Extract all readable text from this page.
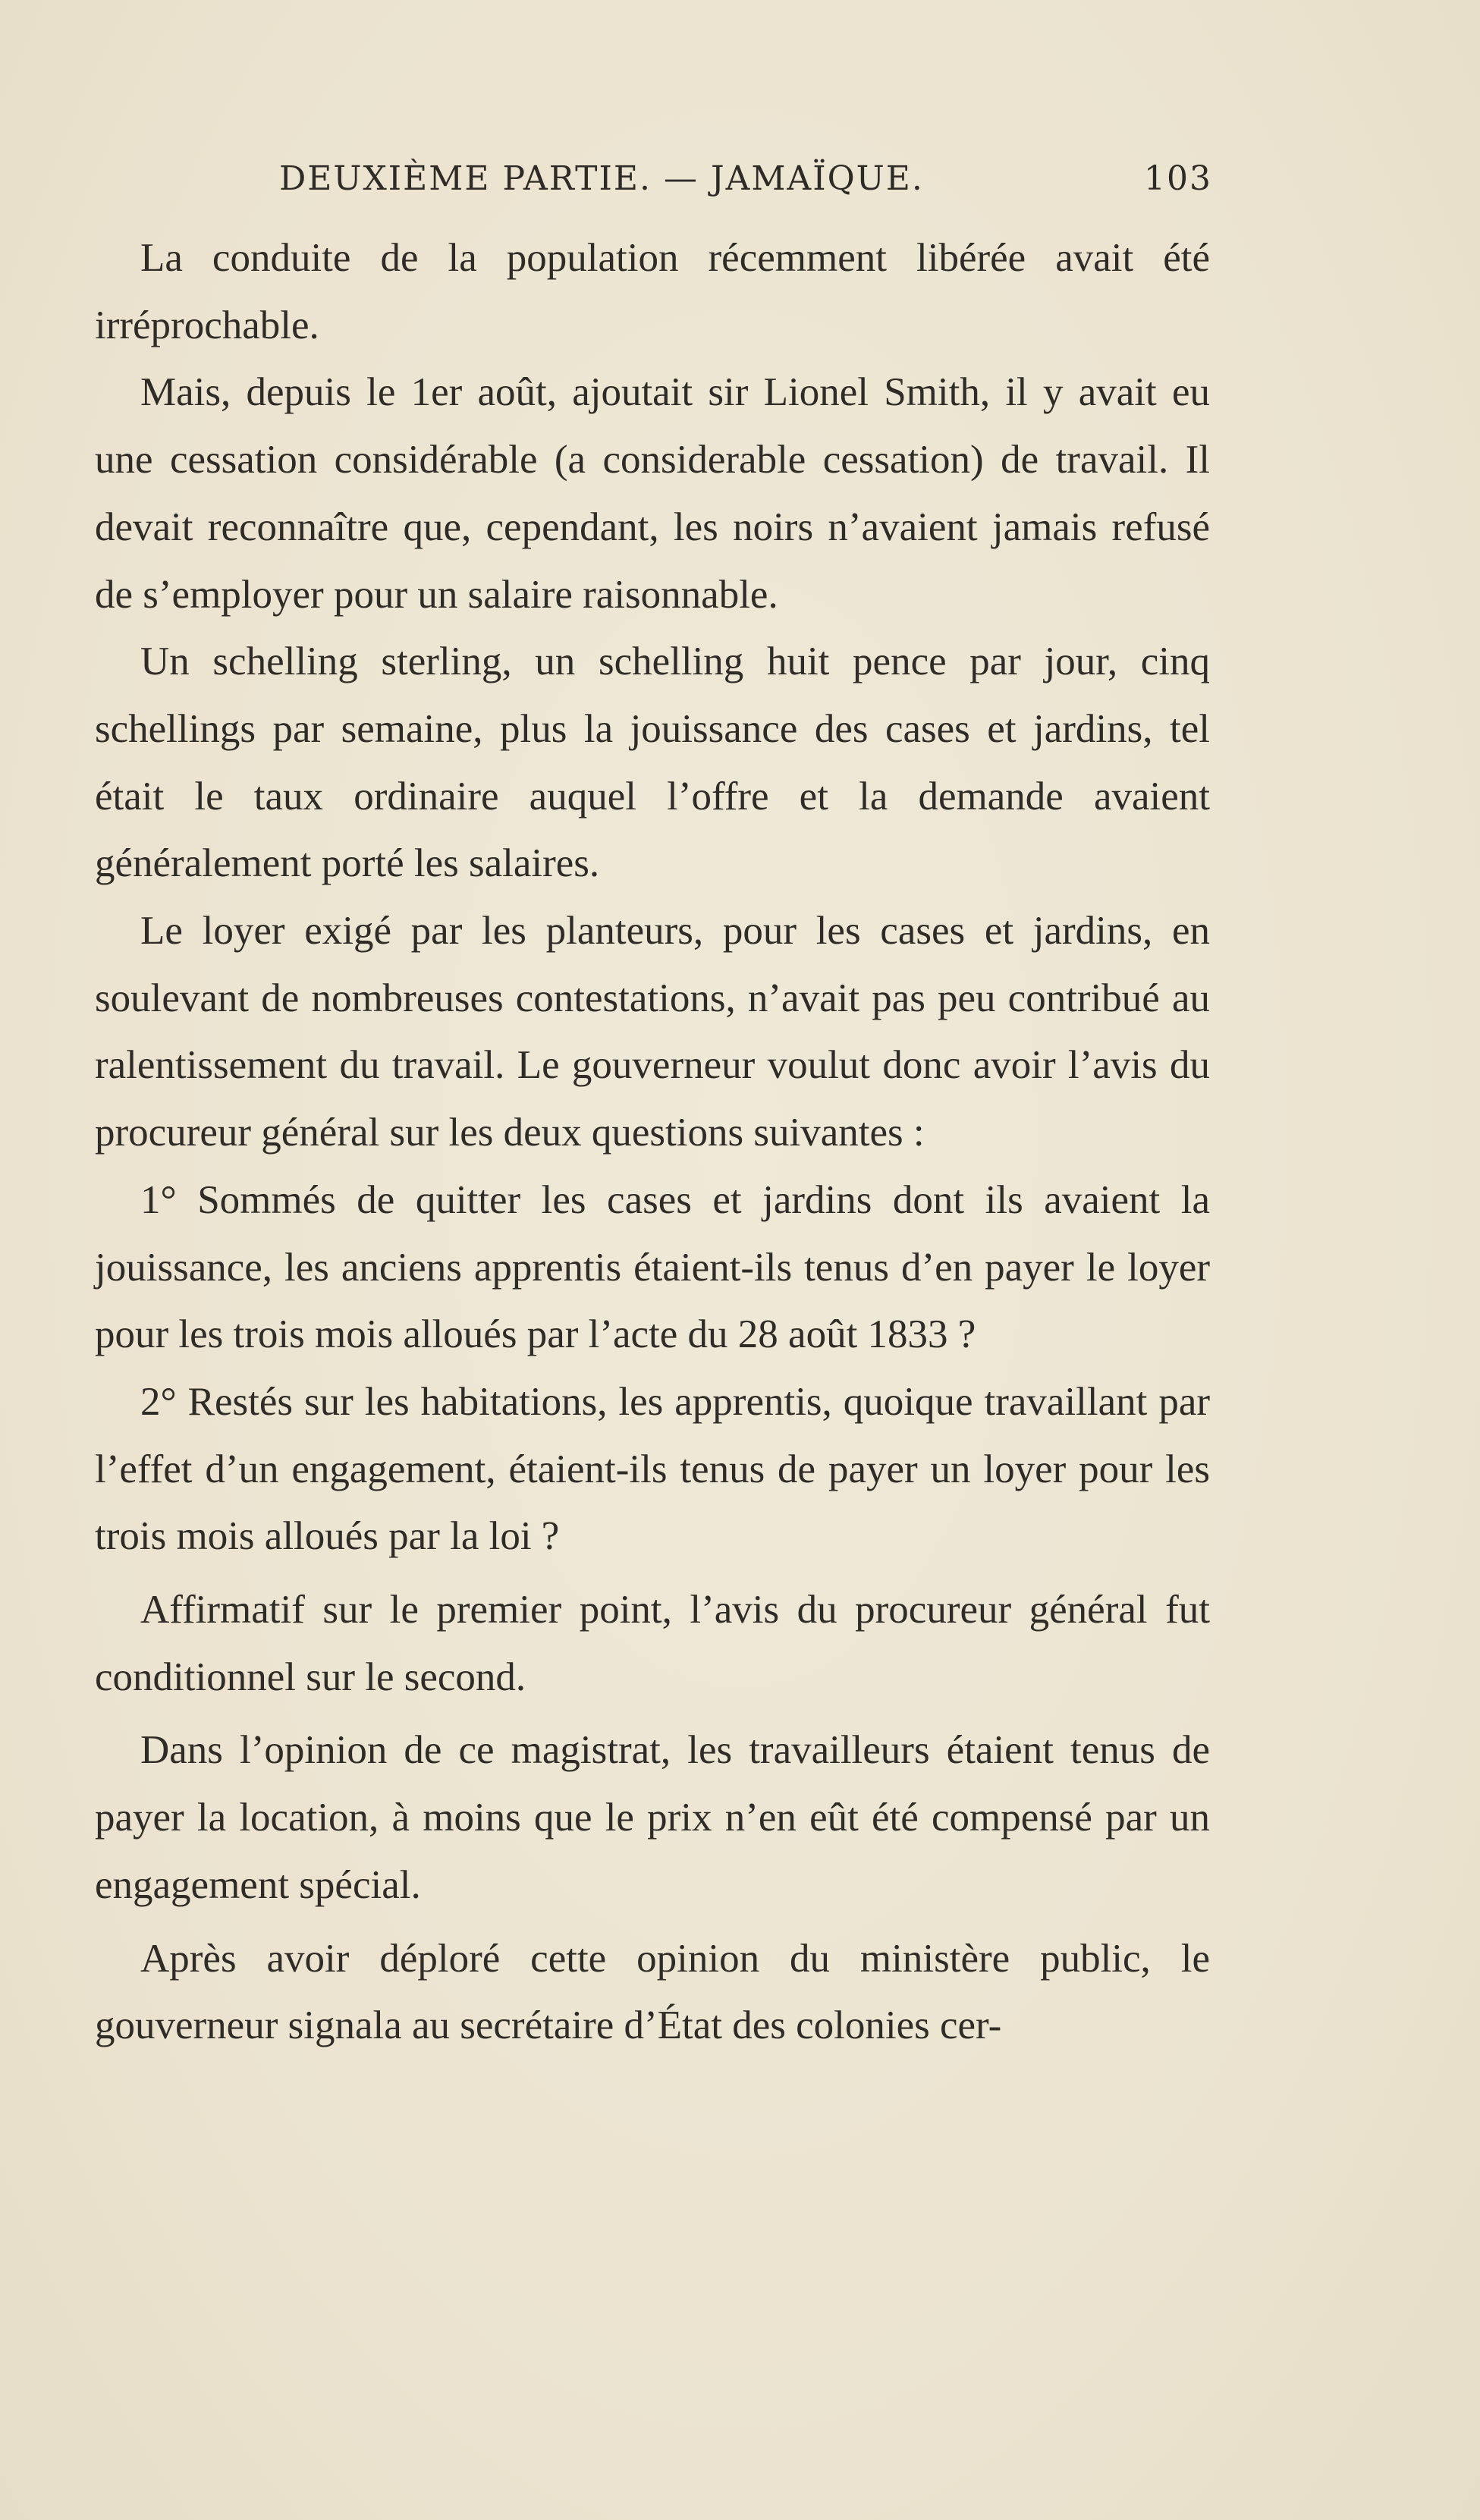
DEUXIÈME PARTIE. — JAMAÏQUE.	103

La conduite de la population récemment libérée avait été irréprochable.

Mais, depuis le 1er août, ajoutait sir Lionel Smith, il y avait eu une cessation considérable (a considerable cessation) de travail. Il devait reconnaître que, cependant, les noirs n’avaient jamais refusé de s’employer pour un salaire raisonnable.

Un schelling sterling, un schelling huit pence par jour, cinq schellings par semaine, plus la jouissance des cases et jardins, tel était le taux ordinaire auquel l’offre et la demande avaient généralement porté les salaires.

Le loyer exigé par les planteurs, pour les cases et jardins, en soulevant de nombreuses contestations, n’avait pas peu contribué au ralentissement du travail. Le gouverneur voulut donc avoir l’avis du procureur général sur les deux questions suivantes :

1° Sommés de quitter les cases et jardins dont ils avaient la jouissance, les anciens apprentis étaient-ils tenus d’en payer le loyer pour les trois mois alloués par l’acte du 28 août 1833 ?

2° Restés sur les habitations, les apprentis, quoique travaillant par l’effet d’un engagement, étaient-ils tenus de payer un loyer pour les trois mois alloués par la loi ?

Affirmatif sur le premier point, l’avis du procureur général fut conditionnel sur le second.

Dans l’opinion de ce magistrat, les travailleurs étaient tenus de payer la location, à moins que le prix n’en eût été compensé par un engagement spécial.

Après avoir déploré cette opinion du ministère public, le gouverneur signala au secrétaire d’État des colonies cer-
